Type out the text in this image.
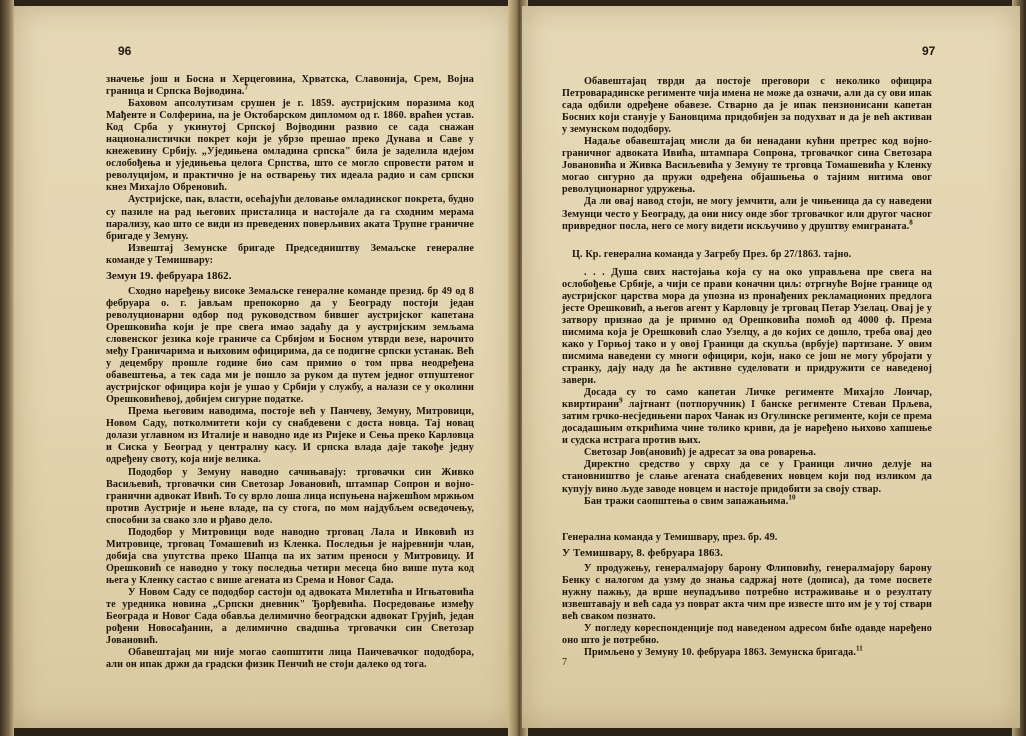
96

значење још и Босна и Херцеговина, Хрватска, Славонија, Срем, Војна граница и Српска Војводина.$^7$

Баховом апсолутизам срушен је г. 1859. аустријским поразима код Мађенте и Солферина, па је Октобарском дипломом од г. 1860. враћен устав. Код Срба у укинутој Српској Војводини развио се сада снажан националистички покрет који је убрзо прешао преко Дунава и Саве у кнежевину Србију. „Уједињена омладина српска" била је заделила идејом ослобођења и уједињења целога Српства, што се могло спровести ратом и револуцијом, и практично је на остварењу тих идеала радио и сам српски кнез Михајло Обреновић.

Аустријске, пак, власти, осећајући деловање омладинског покрета, будно су пазиле на рад његових присталица и настојале да га сходним мерама парализу, као што се види из преведених поверљивих аката Трупне граничне бригаде у Земуну.

Извештај Земунске бригаде Председништву Земаљске генералне команде у Темишвару:

Земун 19. фебруара 1862.

Сходно наређењу високе Земаљске генералне команде презид. бр 49 од 8 фебруара о. г. јављам препокорно да у Београду постоји један револуционарни одбор под руководством бившег аустријског капетана Орешковића који је пре свега имао задаћу да у аустријским земљама словенског језика које граниче са Србијом и Босном утврди везе, нарочито међу Граничарима и њиховим официрима, да се подигне српски устанак. Већ у децембру прошле године био сам примио о том прва неодређена обавештења, а тек сада ми је пошло за руком да путем једног отпуштеног аустријског официра који је ушао у Србији у службу, а налази се у околини Орешковићевој, добијем сигурне податке.

Према његовим наводима, постоје већ у Панчеву, Земуну, Митровици, Новом Саду, потколмитети који су снабдевени с доста новца. Тај новац долази углавном из Италије и наводно иде из Ријеке и Сења преко Карловца и Сиска у Београд у централну касу. И српска влада даје такође једну одређену своту, која није велика.

Пододбор у Земуну наводно сачињавају: трговачки син Живко Васиљевић, трговачки син Светозар Јовановић, штампар Сопрон и војно-гранични адвокат Ивић. То су врло лоша лица испуњена најжешћом мржњом против Аустрије и њене владе, па су стога, по мом најдубљем осведочењу, способни за свако зло и рђаво дело.

Пододбор у Митровици воде наводно трговац Лала и Ивковић из Митровице, трговац Томашевић из Кленка. Последњи је најревнији члан, добија сва упутства преко Шапца па их затим преноси у Митровицу. И Орешковић се наводно у току последња четири месеца био више пута код њега у Кленку састао с више агената из Срема и Новог Сада.

У Новом Саду се пододбор састоји од адвоката Милетића и Игњатовића те уредника новина „Српски дневник" Ђорђевића. Посредовање између Београда и Новог Сада обавља делимично београдски адвокат Грујић, један рођени Новосађанин, а делимично свадшња трговачки син Светозар Јовановић.

Обавештајац ми није могао саопштити лица Панчевачког пододбора, али он ипак држи да градски физик Пенчић не стоји далеко од тога.

97

Обавештајац тврди да постоје преговори с неколико официра Петроварадинске регименте чија имена не може да означи, али да су ови ипак сада одбили одређене обавезе. Стварно да је ипак пензионисани капетан Босних који станује у Бановцима придобијен за подухват и да је већ активан у земунском пододбору.

Надаље обавештајац мисли да би ненадани кућни претрес код војно-граничног адвоката Ивића, штампара Сопрона, трговачког сина Светозара Јовановића и Живка Васиљевића у Земуну те трговца Томашевића у Кленку могао сигурно да пружи одређена објашњења о тајним нитима овог револуционарног удружења.

Да ли овај навод стоји, не могу јемчити, али је чињеница да су наведени Земунци често у Београду, да они нису онде због трговачког или другог часног привредног посла, него се могу видети искључиво у друштву емиграната.$^8$

Ц. Кр. генерална команда у Загребу През. бр 27/1863. тајно.

. . . Душа свих настојања која су на око управљена пре свега на ослобођење Србије, а чији се прави коначни циљ: отргнуће Војне границе од аустријског царства мора да упозна из пронађених рекламационих предлога јесте Орешковић, а његов агент у Карловцу је трговац Петар Узелац. Овај је у затвору признао да је примио од Орешковића помоћ од 4000 ф. Према писмима која је Орешковић слао Узелцу, а до којих се дошло, треба овај део како у Горњој тако и у овој Граници да скупља (врбује) партизане. У овим писмима наведени су многи официри, који, нако се још не могу убројати у странку, дају наду да ће активно суделовати и придружити се наведеној завери.

Досада су то само капетан Личке регименте Михајло Лончар, квиртирани$^9$ лајтнант (потпоручник) I банске регименте Стеван Прљева, затим грчко-несједињени парох Чанак из Огулинске регименте, који се према досадашњим открићима чине толико криви, да је наређено њихово хапшење и судска истрага против њих.

Светозар Јов(ановић) је адресат за ова роварења.

Директно средство у сврху да се у Граници лично делује на становништво је слање агената снабдевених новцем који под изликом да купују вино људе заводе новцем и настоје придобити за своју ствар.

Бан тражи саопштења о свим запажањима.$^{10}$

Генерална команда у Темишвару, през. бр. 49.

У Темишвару, 8. фебруара 1863.

У продужењу, генералмајору барону Флиповићу, генералмајору барону Бенку с налогом да узму до знања садржај ноте (дописа), да томе посвете нужну пажњу, да врше неупадљиво потребно истраживање и о резултату извештавају и већ сада уз поврат акта чим пре известе што им је у тој ствари већ сваком познато.

У погледу кореспонденције под наведеном адресом биће одавде наређено оно што је потребно.

Примљено у Земуну 10. фебруара 1863. Земунска бригада.$^{11}$

7
